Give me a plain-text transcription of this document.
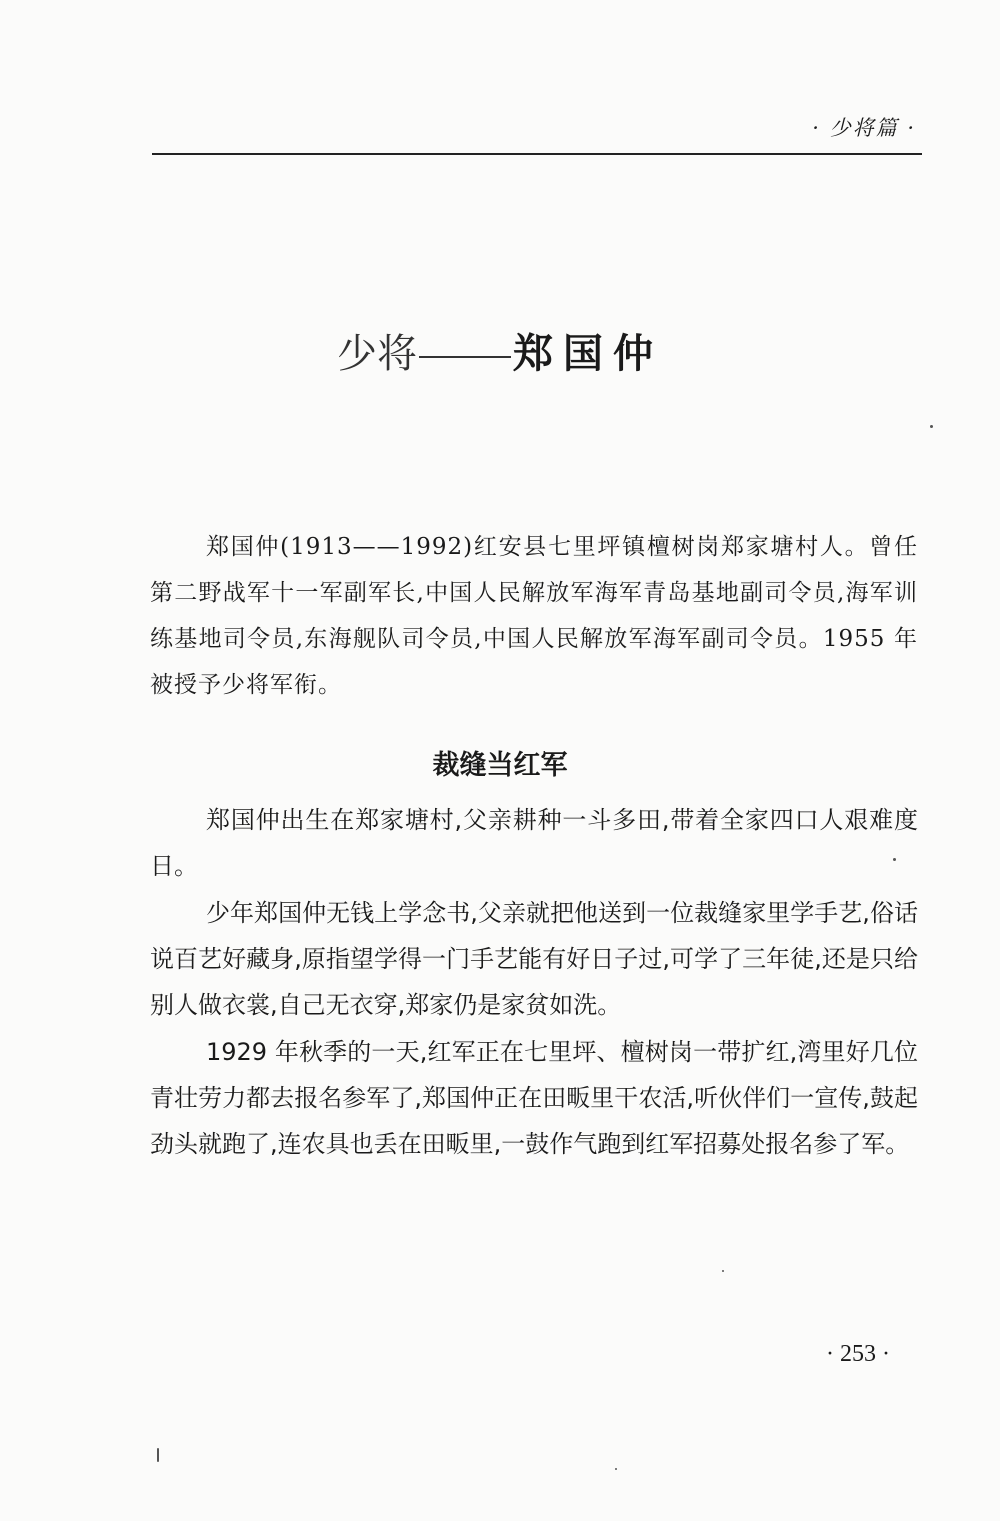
· 少将篇 ·
少将 郑国仲

郑国仲(1913——1992)红安县七里坪镇檀树岗郑家塘村人。曾任第二野战军十一军副军长,中国人民解放军海军青岛基地副司令员,海军训练基地司令员,东海舰队司令员,中国人民解放军海军副司令员。1955 年被授予少将军衔。

裁缝当红军

郑国仲出生在郑家塘村,父亲耕种一斗多田,带着全家四口人艰难度日。

少年郑国仲无钱上学念书,父亲就把他送到一位裁缝家里学手艺,俗话说百艺好藏身,原指望学得一门手艺能有好日子过,可学了三年徒,还是只给别人做衣裳,自己无衣穿,郑家仍是家贫如洗。

1929 年秋季的一天,红军正在七里坪、檀树岗一带扩红,湾里好几位青壮劳力都去报名参军了,郑国仲正在田畈里干农活,听伙伴们一宣传,鼓起劲头就跑了,连农具也丢在田畈里,一鼓作气跑到红军招募处报名参了军。

· 253 ·
